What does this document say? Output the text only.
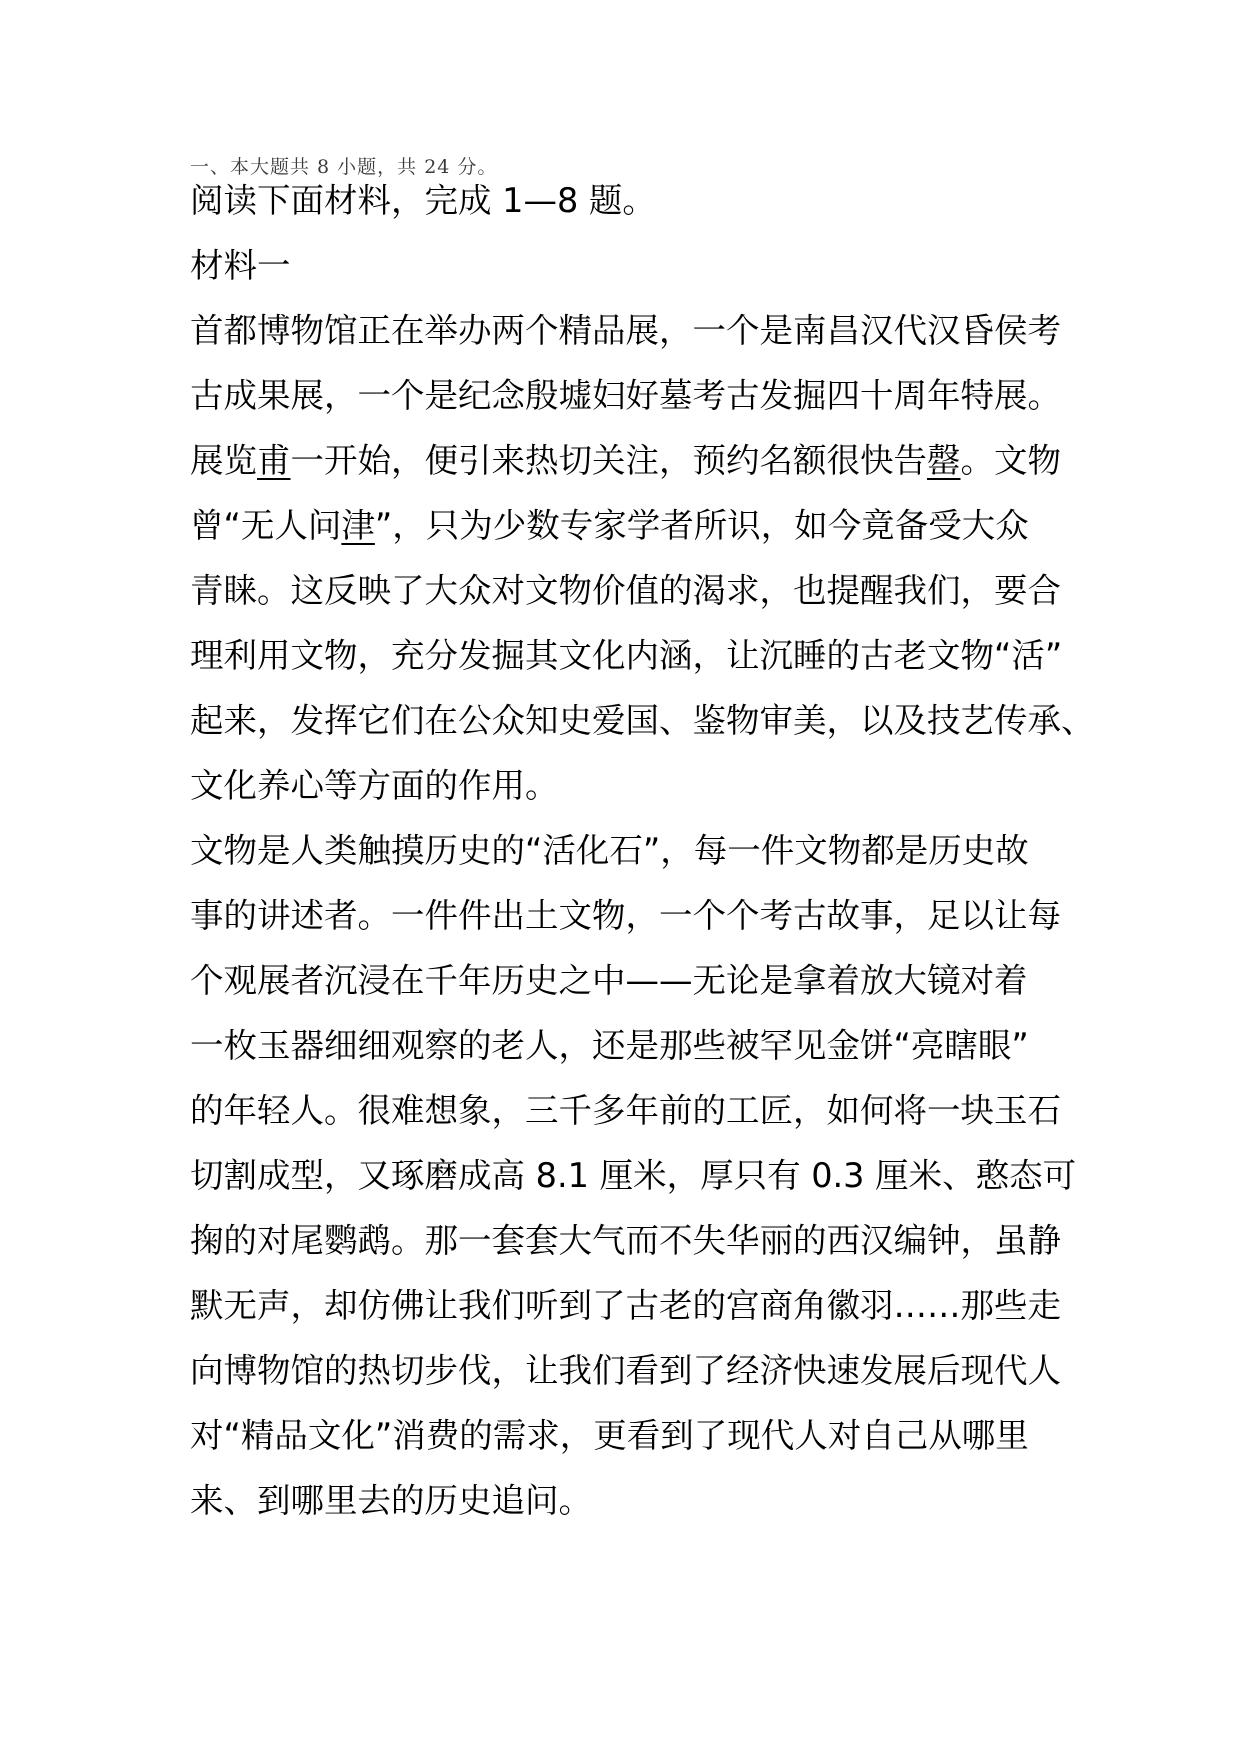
一、本大题共 8 小题，共 24 分。
阅读下面材料，完成 1—8 题。
材料一
首都博物馆正在举办两个精品展，一个是南昌汉代汉昏侯考
古成果展，一个是纪念殷墟妇好墓考古发掘四十周年特展。
展览甫一开始，便引来热切关注，预约名额很快告罄。文物
曾“无人问津”，只为少数专家学者所识，如今竟备受大众
青睐。这反映了大众对文物价值的渴求，也提醒我们，要合
理利用文物，充分发掘其文化内涵，让沉睡的古老文物“活”
起来，发挥它们在公众知史爱国、鉴物审美，以及技艺传承、
文化养心等方面的作用。
文物是人类触摸历史的“活化石”，每一件文物都是历史故
事的讲述者。一件件出土文物，一个个考古故事，足以让每
个观展者沉浸在千年历史之中——无论是拿着放大镜对着
一枚玉器细细观察的老人，还是那些被罕见金饼“亮瞎眼”
的年轻人。很难想象，三千多年前的工匠，如何将一块玉石
切割成型，又琢磨成高 8.1 厘米，厚只有 0.3 厘米、憨态可
掬的对尾鹦鹉。那一套套大气而不失华丽的西汉编钟，虽静
默无声，却仿佛让我们听到了古老的宫商角徽羽……那些走
向博物馆的热切步伐，让我们看到了经济快速发展后现代人
对“精品文化”消费的需求，更看到了现代人对自己从哪里
来、到哪里去的历史追问。
